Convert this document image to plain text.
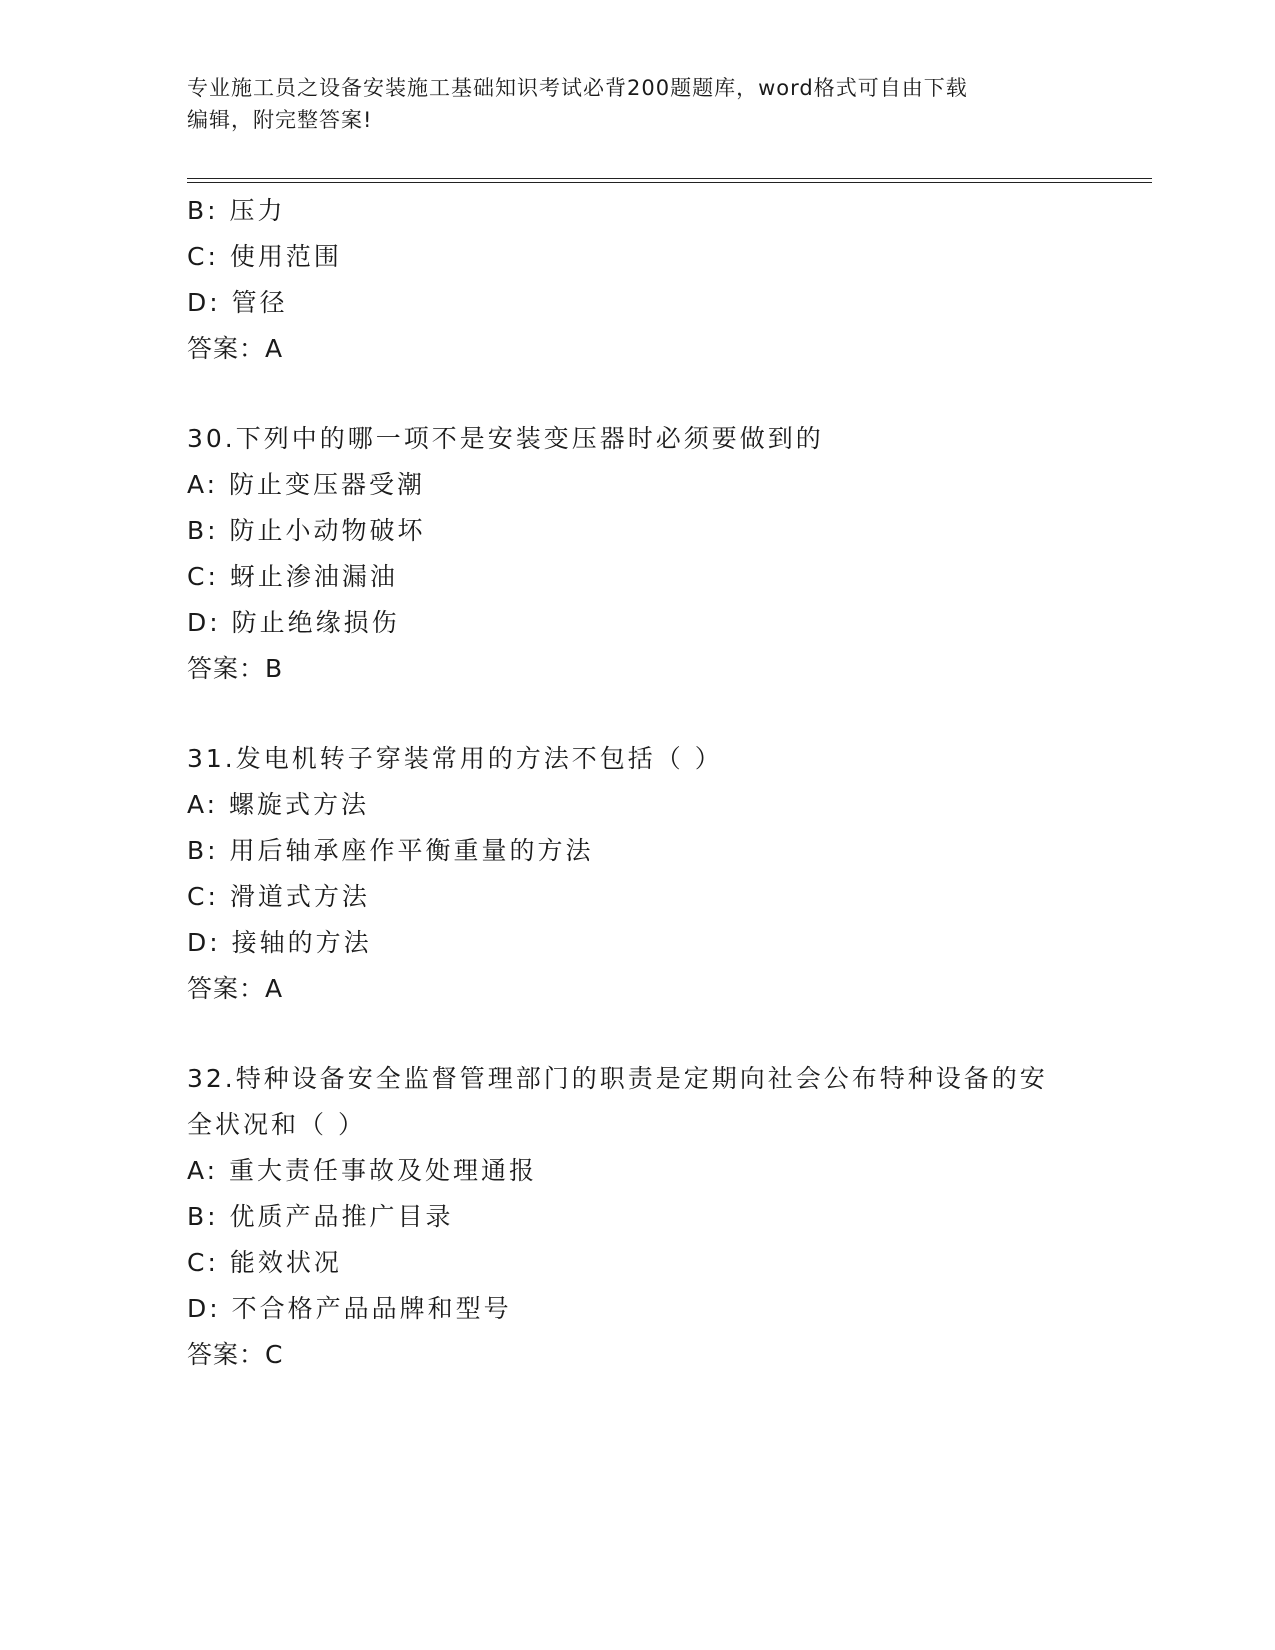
专业施工员之设备安装施工基础知识考试必背200题题库，word格式可自由下载
编辑，附完整答案!
B: 压力
C: 使用范围
D: 管径
答案：A
30.下列中的哪一项不是安装变压器时必须要做到的
A: 防止变压器受潮
B: 防止小动物破坏
C: 蚜止渗油漏油
D: 防止绝缘损伤
答案：B
31.发电机转子穿装常用的方法不包括（ ）
A: 螺旋式方法
B: 用后轴承座作平衡重量的方法
C: 滑道式方法
D: 接轴的方法
答案：A
32.特种设备安全监督管理部门的职责是定期向社会公布特种设备的安
全状况和（ ）
A: 重大责任事故及处理通报
B: 优质产品推广目录
C: 能效状况
D: 不合格产品品牌和型号
答案：C
